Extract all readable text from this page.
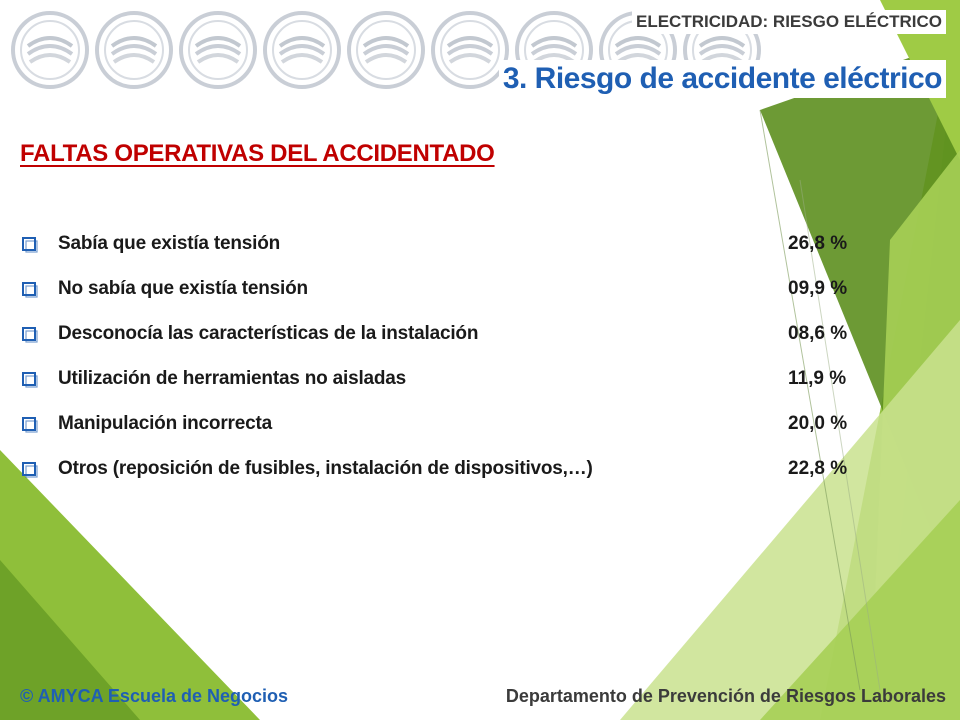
ELECTRICIDAD: RIESGO ELÉCTRICO
3. Riesgo de accidente eléctrico
FALTAS OPERATIVAS DEL ACCIDENTADO
Sabía que existía tensión	26,8 %
No sabía que existía tensión	09,9 %
Desconocía las características de la instalación	08,6 %
Utilización de herramientas no aisladas	11,9 %
Manipulación incorrecta	20,0 %
Otros (reposición de fusibles, instalación de dispositivos,…)	22,8 %
© AMYCA Escuela de Negocios	Departamento de Prevención de Riesgos Laborales
